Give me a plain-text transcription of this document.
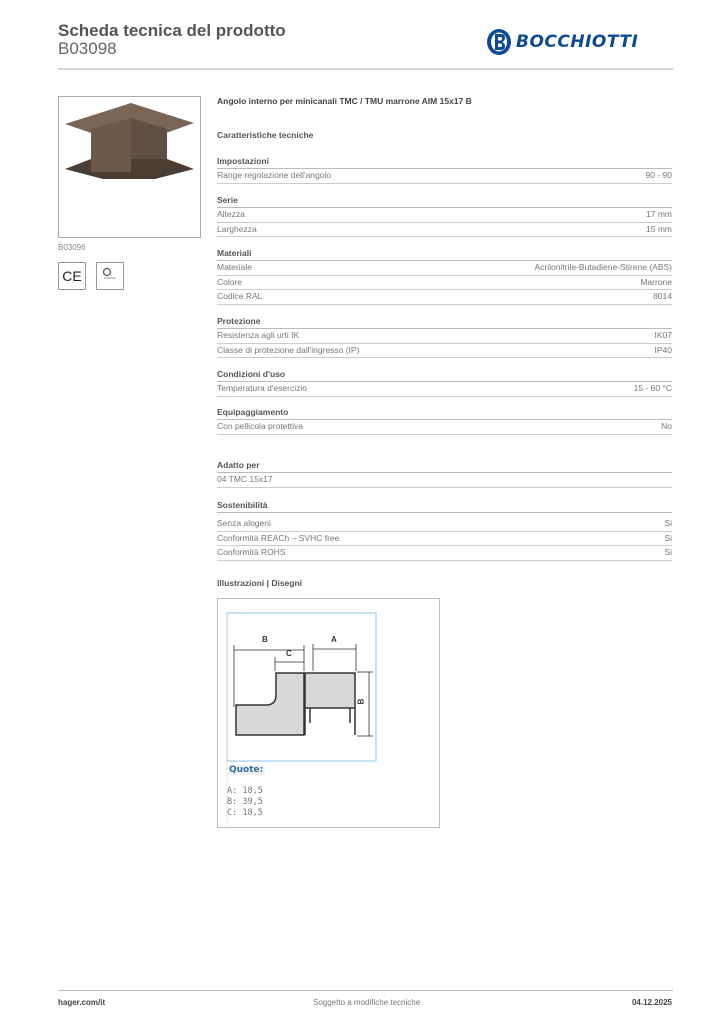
Scheda tecnica del prodotto
B03098	BOCCHIOTTI
B03096
CE
Angolo interno per minicanali TMC / TMU marrone AIM 15x17 B
Caratteristiche tecniche
Impostazioni
Range regolazione dell'angolo	90 - 90
Serie
Altezza	17 mm
Larghezza	15 mm
Materiali
Materiale	Acrilonitrile-Butadiene-Stirene (ABS)
Colore	Marrone
Codice RAL	8014
Protezione
Resistenza agli urti IK	IK07
Classe di protezione dall'ingresso (IP)	IP40
Condizioni d'uso
Temperatura d'esercizio	15 - 60 °C
Equipaggiamento
Con pellicola protettiva	No
Adatto per
04 TMC 15x17
Sostenibilità
Senza alogeni	Si
Conformità REACh – SVHC free	Si
Conformità ROHS	Si
Illustrazioni | Disegni
B
C
A
B
Quote:
A: 18,5
B: 39,5
C: 18,5
hager.com/it	Soggetto a modifiche tecniche	04.12.2025
